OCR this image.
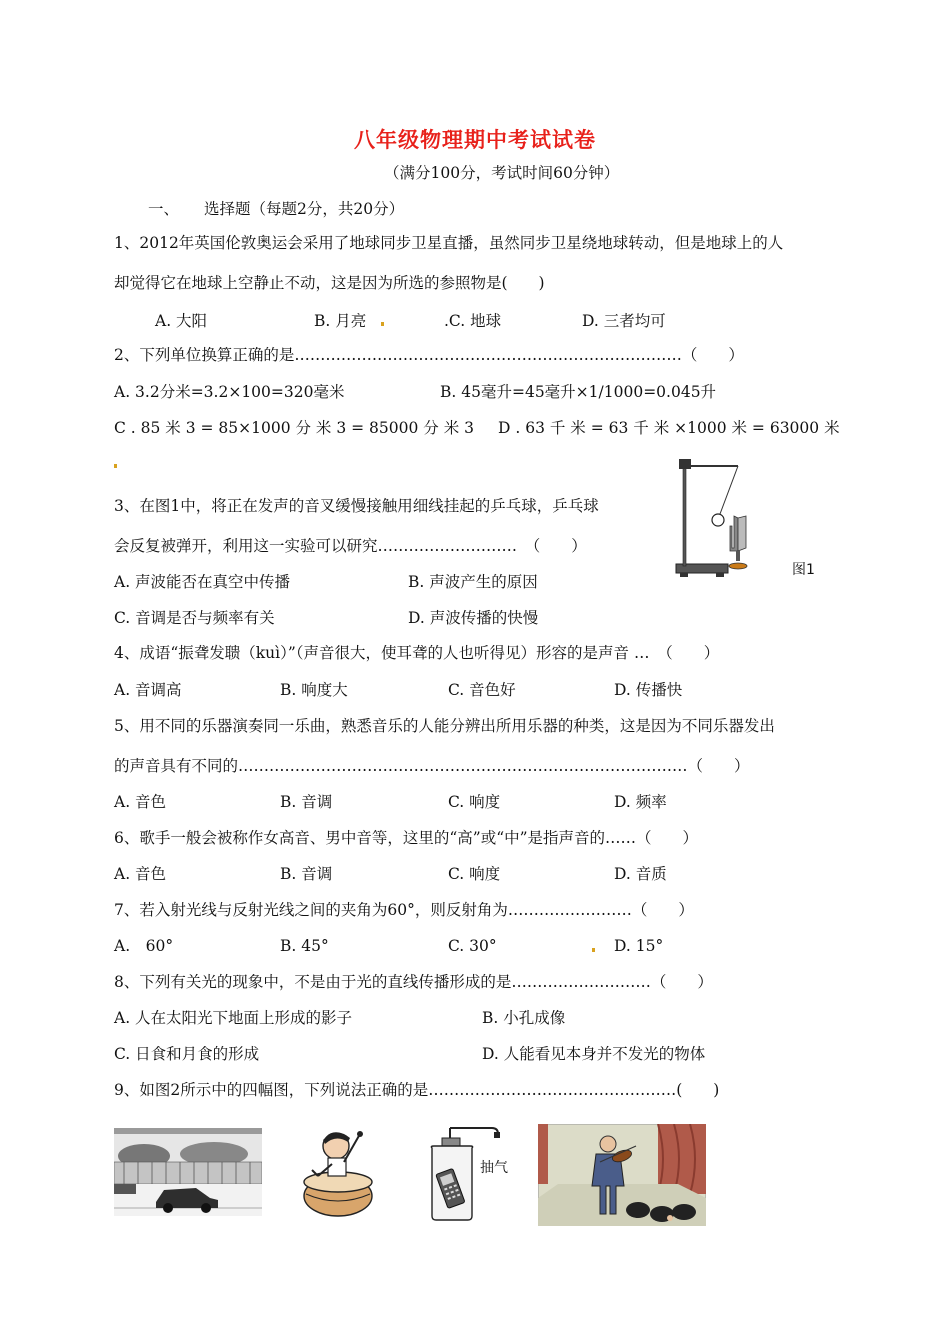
八年级物理期中考试试卷
（满分100分，考试时间60分钟）
一、 选择题（每题2分，共20分）
1、2012年英国伦敦奥运会采用了地球同步卫星直播，虽然同步卫星绕地球转动，但是地球上的人
却觉得它在地球上空静止不动，这是因为所选的参照物是(　　)
A. 大阳	B. 月亮	.C. 地球	D. 三者均可
2、下列单位换算正确的是…………………………………………………………………（　　）
A. 3.2分米=3.2×100=320毫米	B. 45毫升=45毫升×1/1000=0.045升
C . 85 米 3 = 85×1000 分 米 3 = 85000 分 米 3 D . 63 千 米 = 63 千 米 ×1000 米 = 63000 米
3、在图1中，将正在发声的音叉缓慢接触用细线挂起的乒乓球，乒乓球
会反复被弹开，利用这一实验可以研究………………………　（　　）
A. 声波能否在真空中传播	B. 声波产生的原因
C. 音调是否与频率有关	D. 声波传播的快慢
图1
4、成语“振聋发聩（kuì）”（声音很大，使耳聋的人也听得见）形容的是声音 …　（　　）
A. 音调高	B. 响度大	C. 音色好	D. 传播快
5、用不同的乐器演奏同一乐曲，熟悉音乐的人能分辨出所用乐器的种类，这是因为不同乐器发出
的声音具有不同的……………………………………………………………………………（　　）
A. 音色	B. 音调	C. 响度	D. 频率
6、歌手一般会被称作女高音、男中音等，这里的“高”或“中”是指声音的……（　　）
A. 音色	B. 音调	C. 响度	D. 音质
7、若入射光线与反射光线之间的夹角为60°，则反射角为……………………（　　）
A.　60°	B. 45°	C. 30°	D. 15°
8、下列有关光的现象中，不是由于光的直线传播形成的是………………………（　　）
A. 人在太阳光下地面上形成的影子	B. 小孔成像
C. 日食和月食的形成	D. 人能看见本身并不发光的物体
9、如图2所示中的四幅图，下列说法正确的是…………………………………………(　　)
抽气
